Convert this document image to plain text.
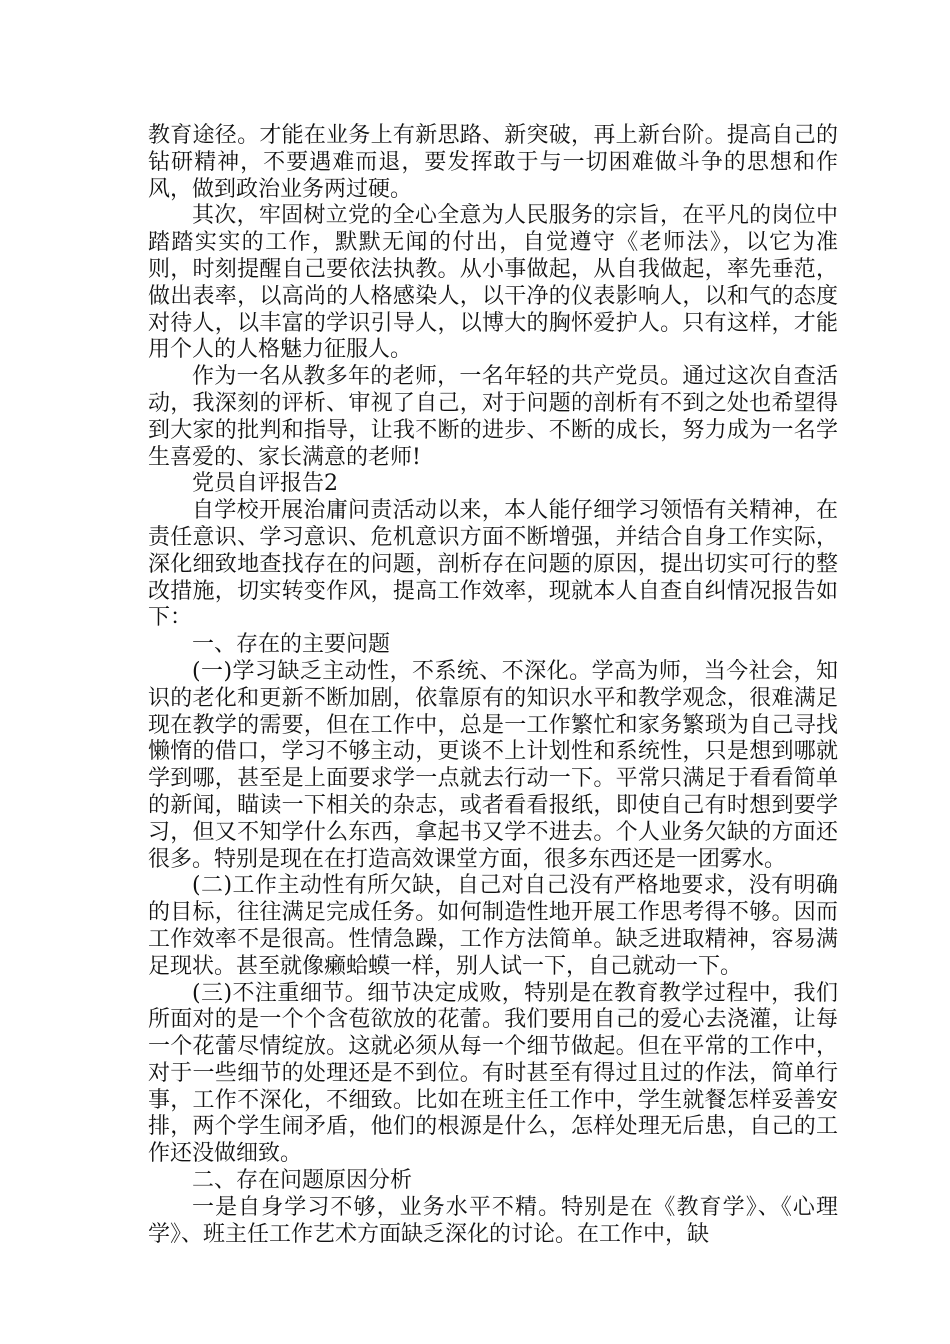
教育途径。才能在业务上有新思路、新突破，再上新台阶。提高自己的钻研精神，不要遇难而退，要发挥敢于与一切困难做斗争的思想和作风，做到政治业务两过硬。

其次，牢固树立党的全心全意为人民服务的宗旨，在平凡的岗位中踏踏实实的工作，默默无闻的付出，自觉遵守《老师法》，以它为准则，时刻提醒自己要依法执教。从小事做起，从自我做起，率先垂范，做出表率，以高尚的人格感染人，以干净的仪表影响人，以和气的态度对待人，以丰富的学识引导人，以博大的胸怀爱护人。只有这样，才能用个人的人格魅力征服人。

作为一名从教多年的老师，一名年轻的共产党员。通过这次自查活动，我深刻的评析、审视了自己，对于问题的剖析有不到之处也希望得到大家的批判和指导，让我不断的进步、不断的成长，努力成为一名学生喜爱的、家长满意的老师!

党员自评报告2

自学校开展治庸问责活动以来，本人能仔细学习领悟有关精神，在责任意识、学习意识、危机意识方面不断增强，并结合自身工作实际，深化细致地查找存在的问题，剖析存在问题的原因，提出切实可行的整改措施，切实转变作风，提高工作效率，现就本人自查自纠情况报告如下：

一、存在的主要问题

(一)学习缺乏主动性，不系统、不深化。学高为师，当今社会，知识的老化和更新不断加剧，依靠原有的知识水平和教学观念，很难满足现在教学的需要，但在工作中，总是一工作繁忙和家务繁琐为自己寻找懒惰的借口，学习不够主动，更谈不上计划性和系统性，只是想到哪就学到哪，甚至是上面要求学一点就去行动一下。平常只满足于看看简单的新闻，瞄读一下相关的杂志，或者看看报纸，即使自己有时想到要学习，但又不知学什么东西，拿起书又学不进去。个人业务欠缺的方面还很多。特别是现在在打造高效课堂方面，很多东西还是一团雾水。

(二)工作主动性有所欠缺，自己对自己没有严格地要求，没有明确的目标，往往满足完成任务。如何制造性地开展工作思考得不够。因而工作效率不是很高。性情急躁，工作方法简单。缺乏进取精神，容易满足现状。甚至就像癞蛤蟆一样，别人试一下，自己就动一下。

(三)不注重细节。细节决定成败，特别是在教育教学过程中，我们所面对的是一个个含苞欲放的花蕾。我们要用自己的爱心去浇灌，让每一个花蕾尽情绽放。这就必须从每一个细节做起。但在平常的工作中，对于一些细节的处理还是不到位。有时甚至有得过且过的作法，简单行事，工作不深化，不细致。比如在班主任工作中，学生就餐怎样妥善安排，两个学生闹矛盾，他们的根源是什么，怎样处理无后患，自己的工作还没做细致。

二、存在问题原因分析

一是自身学习不够，业务水平不精。特别是在《教育学》、《心理学》、班主任工作艺术方面缺乏深化的讨论。在工作中，缺
